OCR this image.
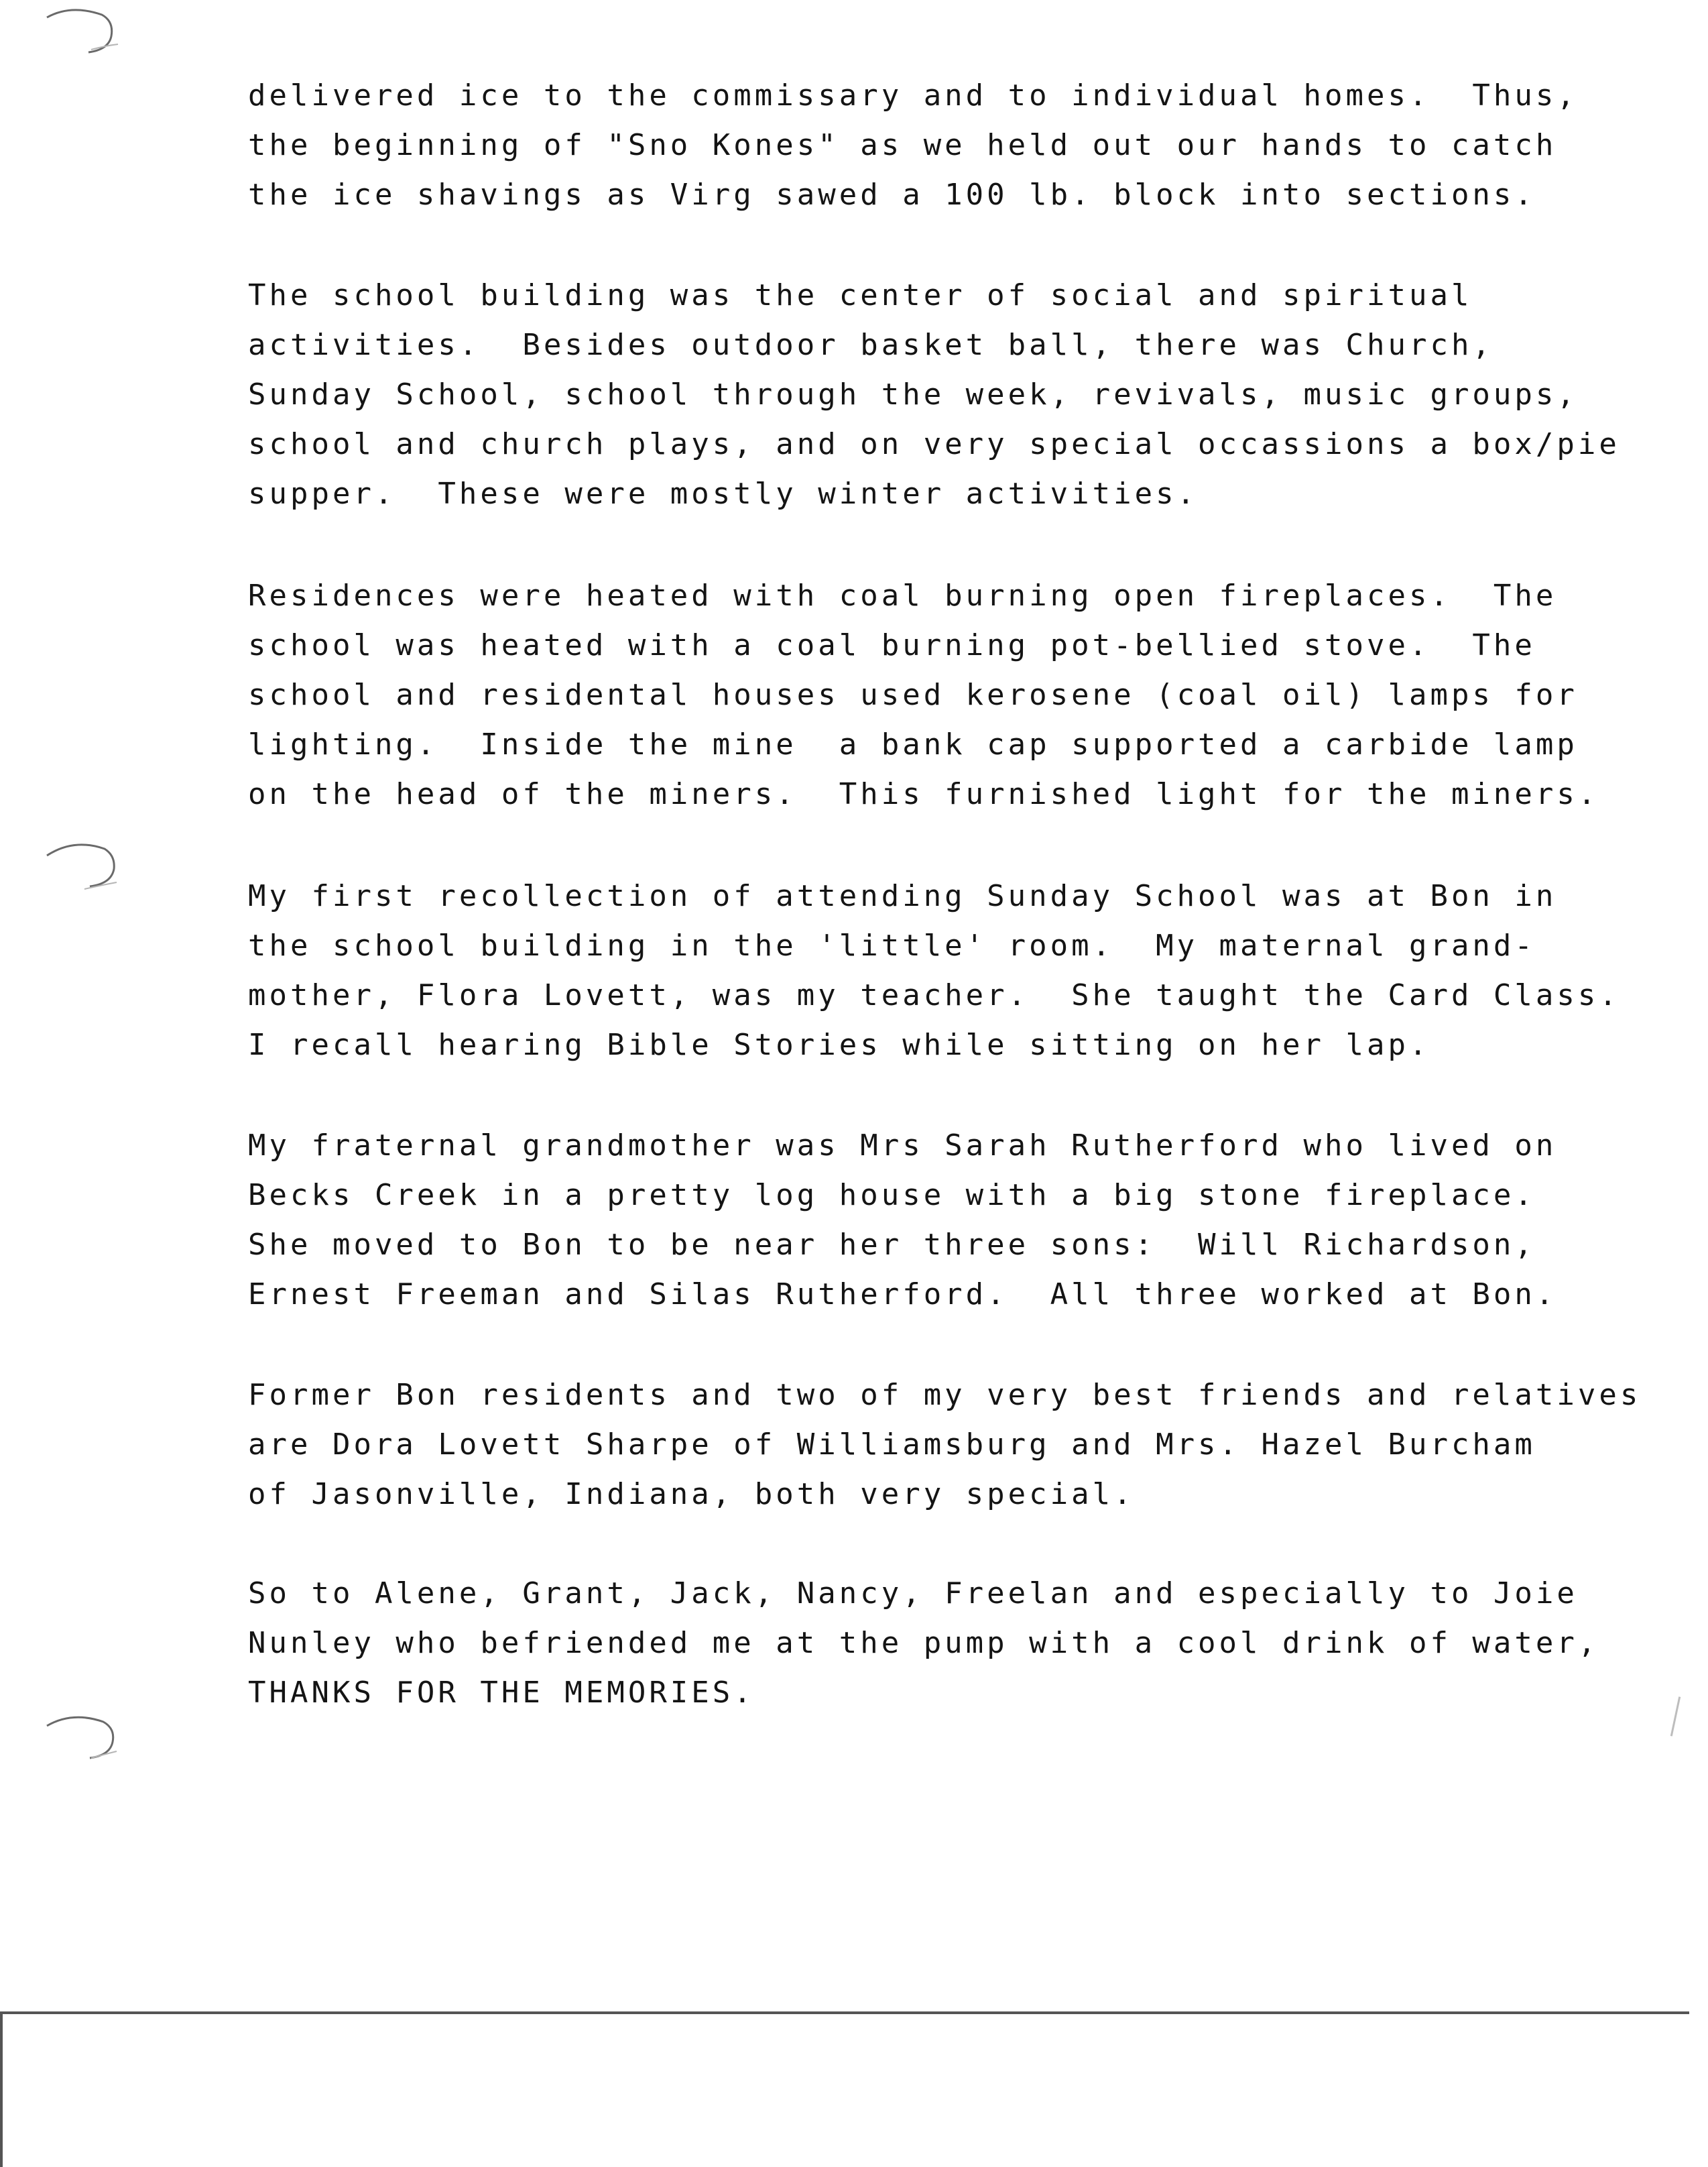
delivered ice to the commissary and to individual homes.  Thus,
the beginning of "Sno Kones" as we held out our hands to catch
the ice shavings as Virg sawed a 100 lb. block into sections.

The school building was the center of social and spiritual
activities.  Besides outdoor basket ball, there was Church,
Sunday School, school through the week, revivals, music groups,
school and church plays, and on very special occassions a box/pie
supper.  These were mostly winter activities.

Residences were heated with coal burning open fireplaces.  The
school was heated with a coal burning pot-bellied stove.  The
school and residental houses used kerosene (coal oil) lamps for
lighting.  Inside the mine  a bank cap supported a carbide lamp
on the head of the miners.  This furnished light for the miners.

My first recollection of attending Sunday School was at Bon in
the school building in the 'little' room.  My maternal grand-
mother, Flora Lovett, was my teacher.  She taught the Card Class.
I recall hearing Bible Stories while sitting on her lap.

My fraternal grandmother was Mrs Sarah Rutherford who lived on
Becks Creek in a pretty log house with a big stone fireplace.
She moved to Bon to be near her three sons:  Will Richardson,
Ernest Freeman and Silas Rutherford.  All three worked at Bon.

Former Bon residents and two of my very best friends and relatives
are Dora Lovett Sharpe of Williamsburg and Mrs. Hazel Burcham
of Jasonville, Indiana, both very special.

So to Alene, Grant, Jack, Nancy, Freelan and especially to Joie
Nunley who befriended me at the pump with a cool drink of water,
THANKS FOR THE MEMORIES.
